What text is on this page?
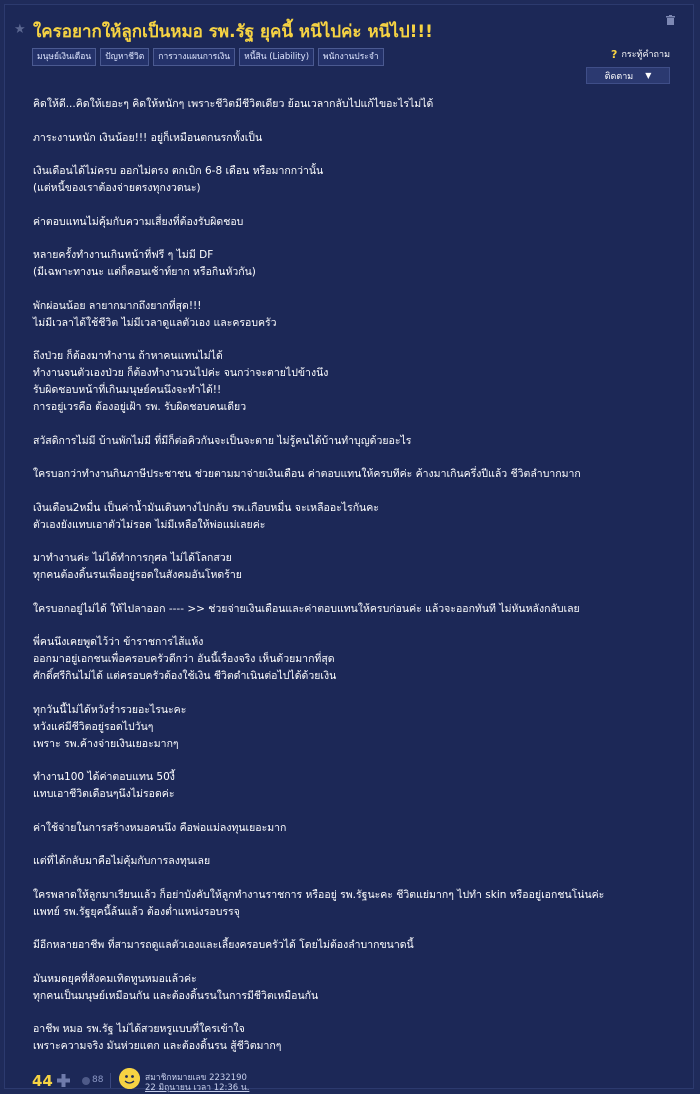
★ ใครอยากให้ลูกเป็นหมอ รพ.รัฐ ยุคนี้ หนีไปค่ะ หนีไป!!!
มนุษย์เงินเดือน	ปัญหาชีวิต	การวางแผนการเงิน	หนี้สิน (Liability)	พนักงานประจำ	? กระทู้คำถาม
ติดตาม ▼
คิดให้ดี...คิดให้เยอะๆ คิดให้หนักๆ เพราะชีวิตมีชีวิตเดียว ย้อนเวลากลับไปแก้ไขอะไรไม่ได้
ภาระงานหนัก เงินน้อย!!! อยู่ก็เหมือนตกนรกทั้งเป็น
เงินเดือนได้ไม่ครบ ออกไม่ตรง ตกเบิก 6-8 เดือน หรือมากกว่านั้น
(แต่หนี้ของเราต้องจ่ายตรงทุกงวดนะ)
ค่าตอบแทนไม่คุ้มกับความเสี่ยงที่ต้องรับผิดชอบ
หลายครั้งทำงานเกินหน้าที่ฟรี ๆ ไม่มี DF
(มีเฉพาะทางนะ แต่ก็คอนเซ้าท์ยาก หรือกินหัวกัน)
พักผ่อนน้อย ลายากมากถึงยากที่สุด!!!
ไม่มีเวลาได้ใช้ชีวิต ไม่มีเวลาดูแลตัวเอง และครอบครัว
ถึงป่วย ก็ต้องมาทำงาน ถ้าหาคนแทนไม่ได้
ทำงานจนตัวเองป่วย ก็ต้องทำงานวนไปค่ะ จนกว่าจะตายไปข้างนึง
รับผิดชอบหน้าที่เกินมนุษย์คนนึงจะทำได้!!
การอยู่เวรคือ ต้องอยู่เฝ้า รพ. รับผิดชอบคนเดียว
สวัสดิการไม่มี บ้านพักไม่มี ที่มีก็ต่อคิวกันจะเป็นจะตาย ไม่รู้คนได้บ้านทำบุญด้วยอะไร
ใครบอกว่าทำงานกินภาษีประชาชน ช่วยตามมาจ่ายเงินเดือน ค่าตอบแทนให้ครบทีค่ะ ค้างมาเกินครึ่งปีแล้ว ชีวิตลำบากมาก
เงินเดือน2หมื่น เป็นค่าน้ำมันเดินทางไปกลับ รพ.เกือบหมื่น จะเหลืออะไรกันคะ
ตัวเองยังแทบเอาตัวไม่รอด ไม่มีเหลือให้พ่อแม่เลยค่ะ
มาทำงานค่ะ ไม่ได้ทำการกุศล ไม่ได้โลกสวย
ทุกคนต้องดิ้นรนเพื่ออยู่รอดในสังคมอันโหดร้าย
ใครบอกอยู่ไม่ได้ ให้ไปลาออก ---- >> ช่วยจ่ายเงินเดือนและค่าตอบแทนให้ครบก่อนค่ะ แล้วจะออกทันที ไม่หันหลังกลับเลย
พี่คนนึงเคยพูดไว้ว่า ข้าราชการไส้แห้ง
ออกมาอยู่เอกชนเพื่อครอบครัวดีกว่า อันนี้เรื่องจริง เห็นด้วยมากที่สุด
ศักดิ์ศรีกินไม่ได้ แต่ครอบครัวต้องใช้เงิน ชีวิตดำเนินต่อไปได้ด้วยเงิน
ทุกวันนี้ไม่ได้หวังร่ำรวยอะไรนะคะ
หวังแค่มีชีวิตอยู่รอดไปวันๆ
เพราะ รพ.ค้างจ่ายเงินเยอะมากๆ
ทำงาน100 ได้ค่าตอบแทน 50งี้
แทบเอาชีวิตเดือนๆนึงไม่รอดค่ะ
ค่าใช้จ่ายในการสร้างหมอคนนึง คือพ่อแม่ลงทุนเยอะมาก
แต่ที่ได้กลับมาคือไม่คุ้มกับการลงทุนเลย
ใครพลาดให้ลูกมาเรียนแล้ว ก็อย่าบังคับให้ลูกทำงานราชการ หรืออยู่ รพ.รัฐนะคะ ชีวิตแย่มากๆ ไปทำ skin หรืออยู่เอกชนโน่นค่ะ
แพทย์ รพ.รัฐยุคนี้ล้นแล้ว ต้องต่ำแหน่งรอบรรจุ
มีอีกหลายอาชีพ ที่สามารถดูแลตัวเองและเลี้ยงครอบครัวได้ โดยไม่ต้องลำบากขนาดนี้
มันหมดยุคที่สังคมเทิดทูนหมอแล้วค่ะ
ทุกคนเป็นมนุษย์เหมือนกัน และต้องดิ้นรนในการมีชีวิตเหมือนกัน
อาชีพ หมอ รพ.รัฐ ไม่ได้สวยหรูแบบที่ใครเข้าใจ
เพราะความจริง มันห่วยแตก และต้องดิ้นรน สู้ชีวิตมากๆ
44	88	สมาชิกหมายเลข 2232190
22 มิถุนายน เวลา 12:36 น.
